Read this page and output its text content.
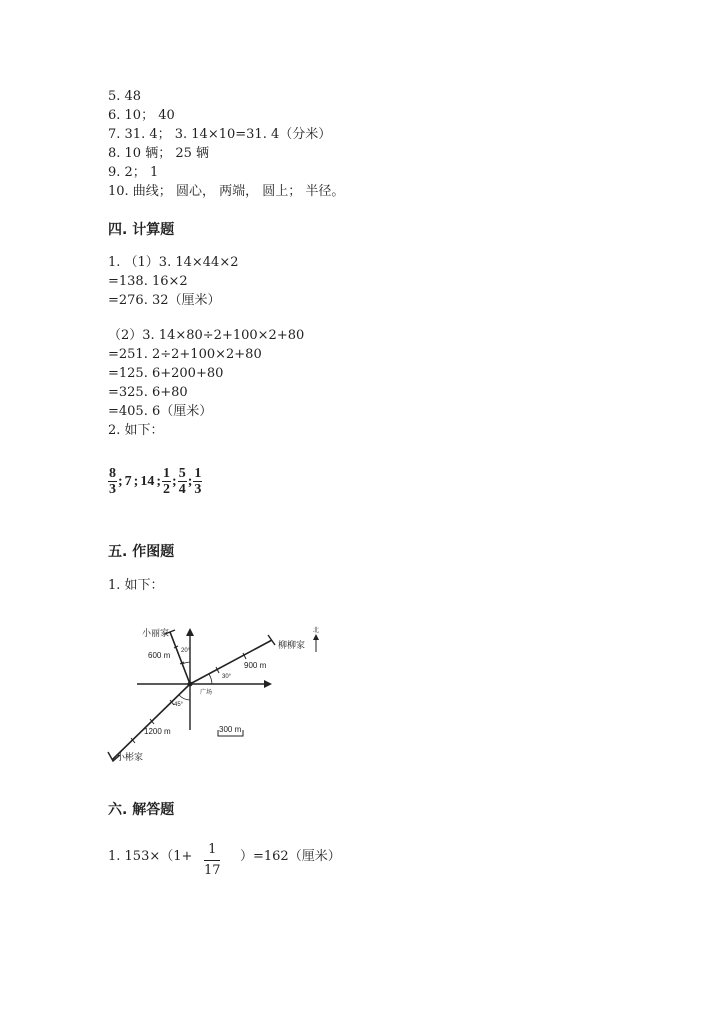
5. 48
6. 10； 40
7. 31. 4； 3. 14×10=31. 4（分米）
8. 10 辆； 25 辆
9. 2； 1
10. 曲线； 圆心， 两端， 圆上； 半径。
四. 计算题
1. （1）3. 14×44×2
=138. 16×2
=276. 32（厘米）
（2）3. 14×80÷2+100×2+80
=251. 2÷2+100×2+80
=125. 6+200+80
=325. 6+80
=405. 6（厘米）
2. 如下：
$\frac{8}{3}$ ; 7 ; 14 ; $\frac{1}{2}$ ; $\frac{5}{4}$ ; $\frac{1}{3}$
五. 作图题
1. 如下：
小丽家
600 m 20°
柳柳家
900 m
30°
广场
45°
1200 m
小彬家
北
300 m
六. 解答题
1. 153×（1+ 1
17
）=162（厘米）
